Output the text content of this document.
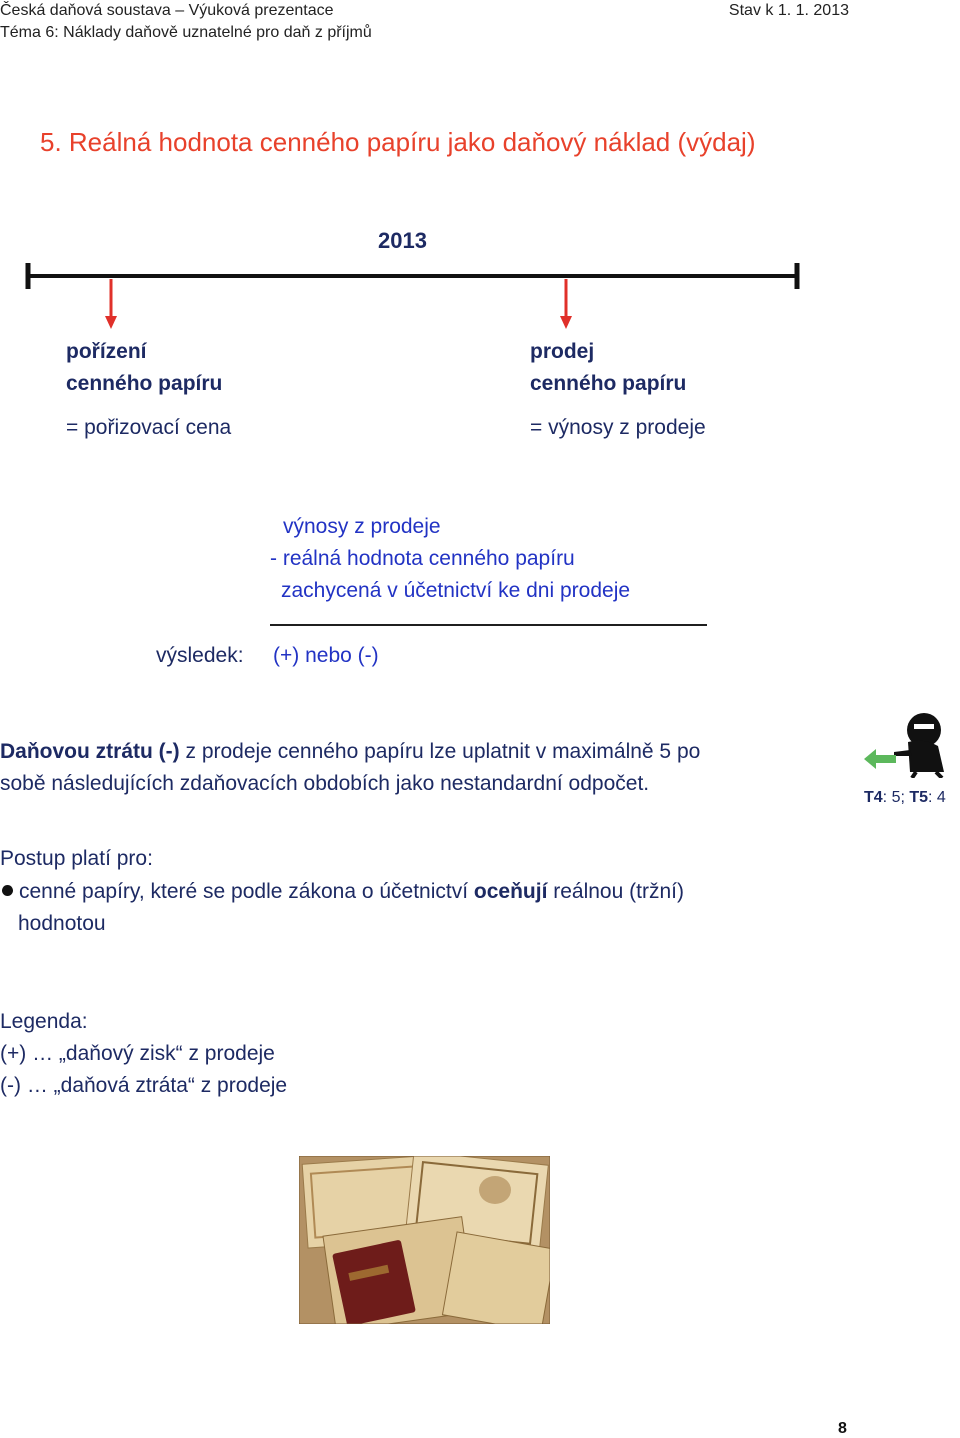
Česká daňová soustava – Výuková prezentace
Téma 6: Náklady daňově uznatelné pro daň z příjmů
Stav k 1. 1. 2013
5. Reálná hodnota cenného papíru jako daňový náklad (výdaj)
2013
pořízení
cenného papíru
= pořizovací cena
prodej
cenného papíru
= výnosy z prodeje
výnosy z prodeje
- reálná hodnota cenného papíru
zachycená v účetnictví ke dni prodeje
výsledek: (+) nebo (-)
Daňovou ztrátu (-) z prodeje cenného papíru lze uplatnit v maximálně 5 po
sobě následujících zdaňovacích obdobích jako nestandardní odpočet.
T4: 5; T5: 4
Postup platí pro:
cenné papíry, které se podle zákona o účetnictví oceňují reálnou (tržní)
hodnotou
Legenda:
(+) … „daňový zisk“ z prodeje
(-) … „daňová ztráta“ z prodeje
8
